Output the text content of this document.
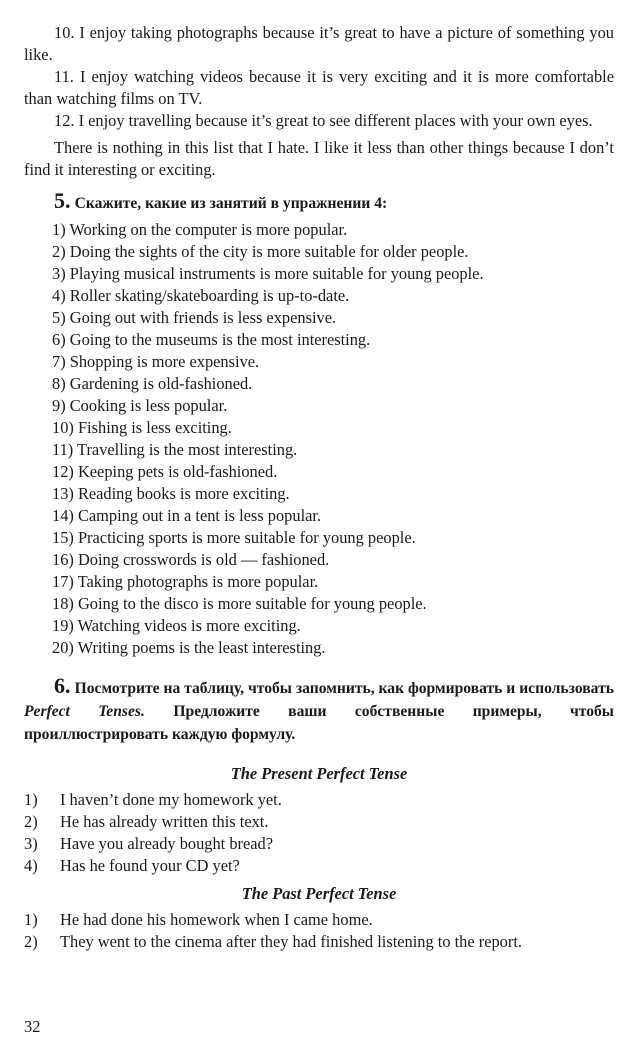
10. I enjoy taking photographs because it’s great to have a picture of something you like.

11. I enjoy watching videos because it is very exciting and it is more comfortable than watching films on TV.

12. I enjoy travelling because it’s great to see different places with your own eyes.

There is nothing in this list that I hate. I like it less than other things because I don’t find it interesting or exciting.

5. Скажите, какие из занятий в упражнении 4:

1) Working on the computer is more popular.
2) Doing the sights of the city is more suitable for older people.
3) Playing musical instruments is more suitable for young people.
4) Roller skating/skateboarding is up-to-date.
5) Going out with friends is less expensive.
6) Going to the museums is the most interesting.
7) Shopping is more expensive.
8) Gardening is old-fashioned.
9) Cooking is less popular.
10) Fishing is less exciting.
11) Travelling is the most interesting.
12) Keeping pets is old-fashioned.
13) Reading books is more exciting.
14) Camping out in a tent is less popular.
15) Practicing sports is more suitable for young people.
16) Doing crosswords is old — fashioned.
17) Taking photographs is more popular.
18) Going to the disco is more suitable for young people.
19) Watching videos is more exciting.
20) Writing poems is the least interesting.

6. Посмотрите на таблицу, чтобы запомнить, как формировать и использовать Perfect Tenses. Предложите ваши собственные примеры, чтобы проиллюстрировать каждую формулу.

The Present Perfect Tense

1)	I haven’t done my homework yet.
2)	He has already written this text.
3)	Have you already bought bread?
4)	Has he found your CD yet?

The Past Perfect Tense

1)	He had done his homework when I came home.
2)	They went to the cinema after they had finished listening to the report.
32
